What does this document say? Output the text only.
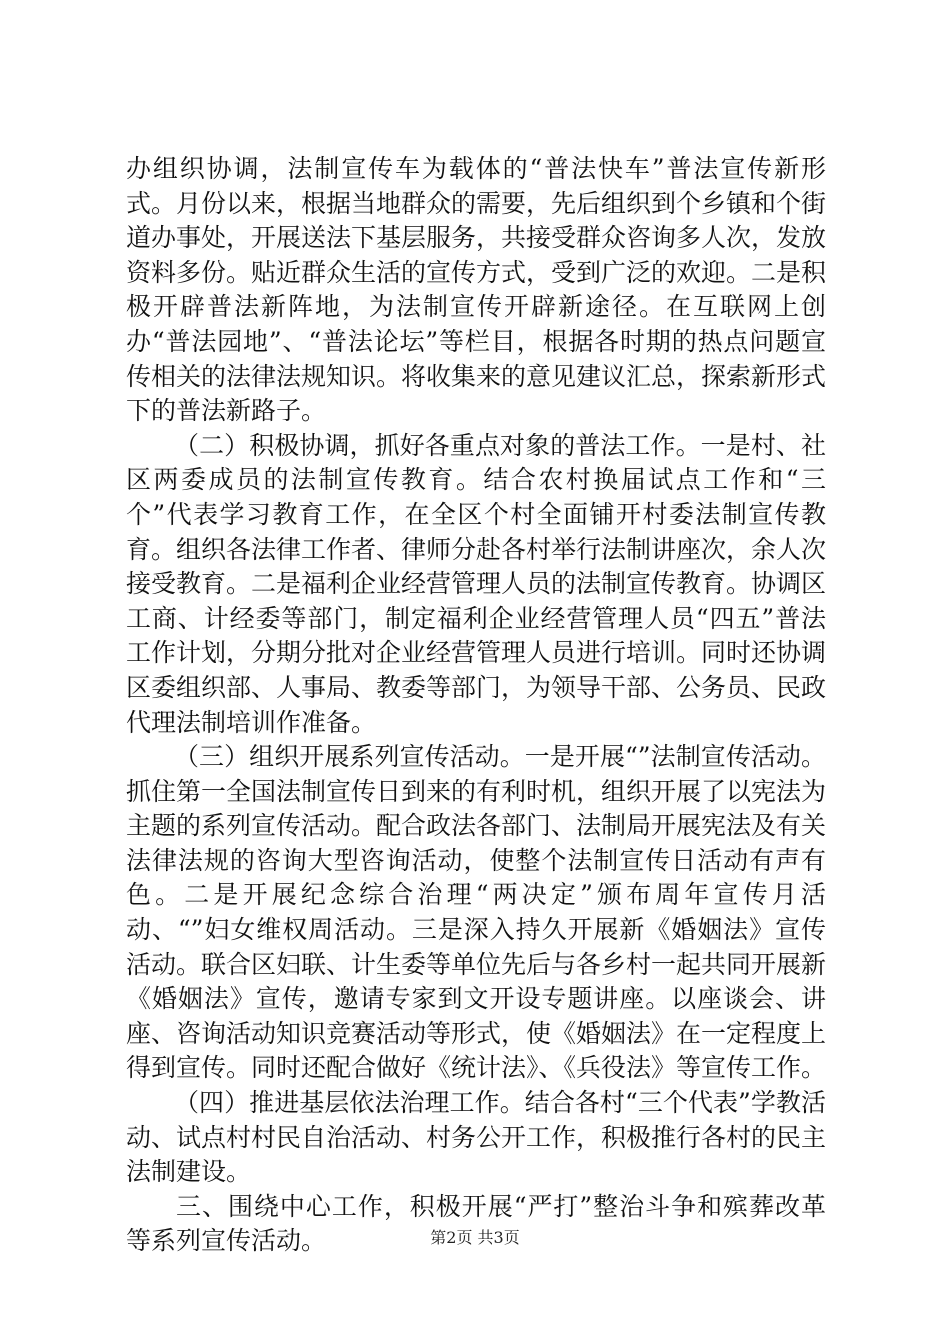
办组织协调，法制宣传车为载体的“普法快车”普法宣传新形式。月份以来，根据当地群众的需要，先后组织到个乡镇和个街道办事处，开展送法下基层服务，共接受群众咨询多人次，发放资料多份。贴近群众生活的宣传方式，受到广泛的欢迎。二是积极开辟普法新阵地，为法制宣传开辟新途径。在互联网上创办“普法园地”、“普法论坛”等栏目，根据各时期的热点问题宣传相关的法律法规知识。将收集来的意见建议汇总，探索新形式下的普法新路子。

（二）积极协调，抓好各重点对象的普法工作。一是村、社区两委成员的法制宣传教育。结合农村换届试点工作和“三个”代表学习教育工作，在全区个村全面铺开村委法制宣传教育。组织各法律工作者、律师分赴各村举行法制讲座次，余人次接受教育。二是福利企业经营管理人员的法制宣传教育。协调区工商、计经委等部门，制定福利企业经营管理人员“四五”普法工作计划，分期分批对企业经营管理人员进行培训。同时还协调区委组织部、人事局、教委等部门，为领导干部、公务员、民政代理法制培训作准备。

（三）组织开展系列宣传活动。一是开展“”法制宣传活动。抓住第一全国法制宣传日到来的有利时机，组织开展了以宪法为主题的系列宣传活动。配合政法各部门、法制局开展宪法及有关法律法规的咨询大型咨询活动，使整个法制宣传日活动有声有色。二是开展纪念综合治理“两决定”颁布周年宣传月活动、“”妇女维权周活动。三是深入持久开展新《婚姻法》宣传活动。联合区妇联、计生委等单位先后与各乡村一起共同开展新《婚姻法》宣传，邀请专家到文开设专题讲座。以座谈会、讲座、咨询活动知识竞赛活动等形式，使《婚姻法》在一定程度上得到宣传。同时还配合做好《统计法》、《兵役法》等宣传工作。

（四）推进基层依法治理工作。结合各村“三个代表”学教活动、试点村村民自治活动、村务公开工作，积极推行各村的民主法制建设。

三、围绕中心工作，积极开展“严打”整治斗争和殡葬改革等系列宣传活动。	第2页 共3页
